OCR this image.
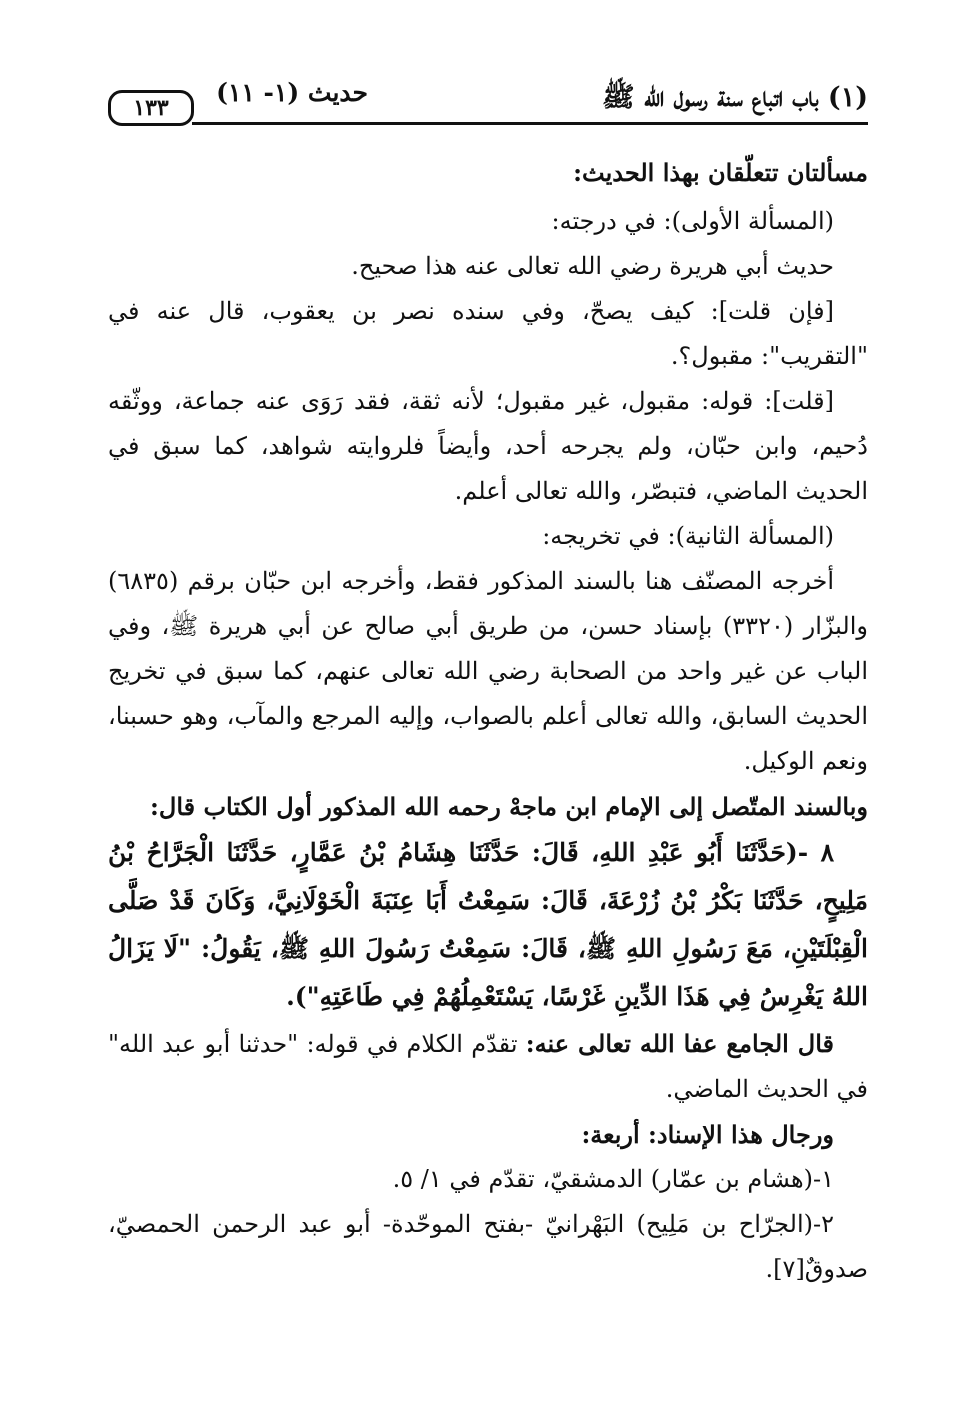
(١) باب اتباع سنة رسول الله ﷺ
حديث (١- ١١)
١٣٣

مسألتان تتعلّقان بهذا الحديث:

(المسألة الأولى): في درجته:

حديث أبي هريرة رضي الله تعالى عنه هذا صحيح.

[فإن قلت]: كيف يصحّ، وفي سنده نصر بن يعقوب، قال عنه في "التقريب": مقبول؟.

[قلت]: قوله: مقبول، غير مقبول؛ لأنه ثقة، فقد رَوَى عنه جماعة، ووثّقه دُحيم، وابن حبّان، ولم يجرحه أحد، وأيضاً فلروايته شواهد، كما سبق في الحديث الماضي، فتبصّر، والله تعالى أعلم.

(المسألة الثانية): في تخريجه:

أخرجه المصنّف هنا بالسند المذكور فقط، وأخرجه ابن حبّان برقم (٦٨٣٥) والبزّار (٣٣٢٠) بإسناد حسن، من طريق أبي صالح عن أبي هريرة ﷺ، وفي الباب عن غير واحد من الصحابة رضي الله تعالى عنهم، كما سبق في تخريج الحديث السابق، والله تعالى أعلم بالصواب، وإليه المرجع والمآب، وهو حسبنا، ونعم الوكيل.

وبالسند المتّصل إلى الإمام ابن ماجهْ رحمه الله المذكور أول الكتاب قال:

٨ -(حَدَّثَنَا أَبُو عَبْدِ اللهِ، قَالَ: حَدَّثَنَا هِشَامُ بْنُ عَمَّارٍ، حَدَّثَنَا الْجَرَّاحُ بْنُ مَلِيحٍ، حَدَّثَنَا بَكْرُ بْنُ زُرْعَةَ، قَالَ: سَمِعْتُ أَبَا عِنَبَةَ الْخَوْلَانِيَّ، وَكَانَ قَدْ صَلَّى الْقِبْلَتَيْنِ، مَعَ رَسُولِ اللهِ ﷺ، قَالَ: سَمِعْتُ رَسُولَ اللهِ ﷺ، يَقُولُ: "لَا يَزَالُ اللهُ يَغْرِسُ فِي هَذَا الدِّينِ غَرْسًا، يَسْتَعْمِلُهُمْ فِي طَاعَتِهِ").

قال الجامع عفا الله تعالى عنه: تقدّم الكلام في قوله: "حدثنا أبو عبد الله" في الحديث الماضي.

ورجال هذا الإسناد: أربعة:

١-(هشام بن عمّار) الدمشقيّ، تقدّم في ١/ ٥.

٢-(الجرّاح بن مَلِيح) البَهْرانيّ -بفتح الموحّدة- أبو عبد الرحمن الحمصيّ، صدوقٌ[٧].
